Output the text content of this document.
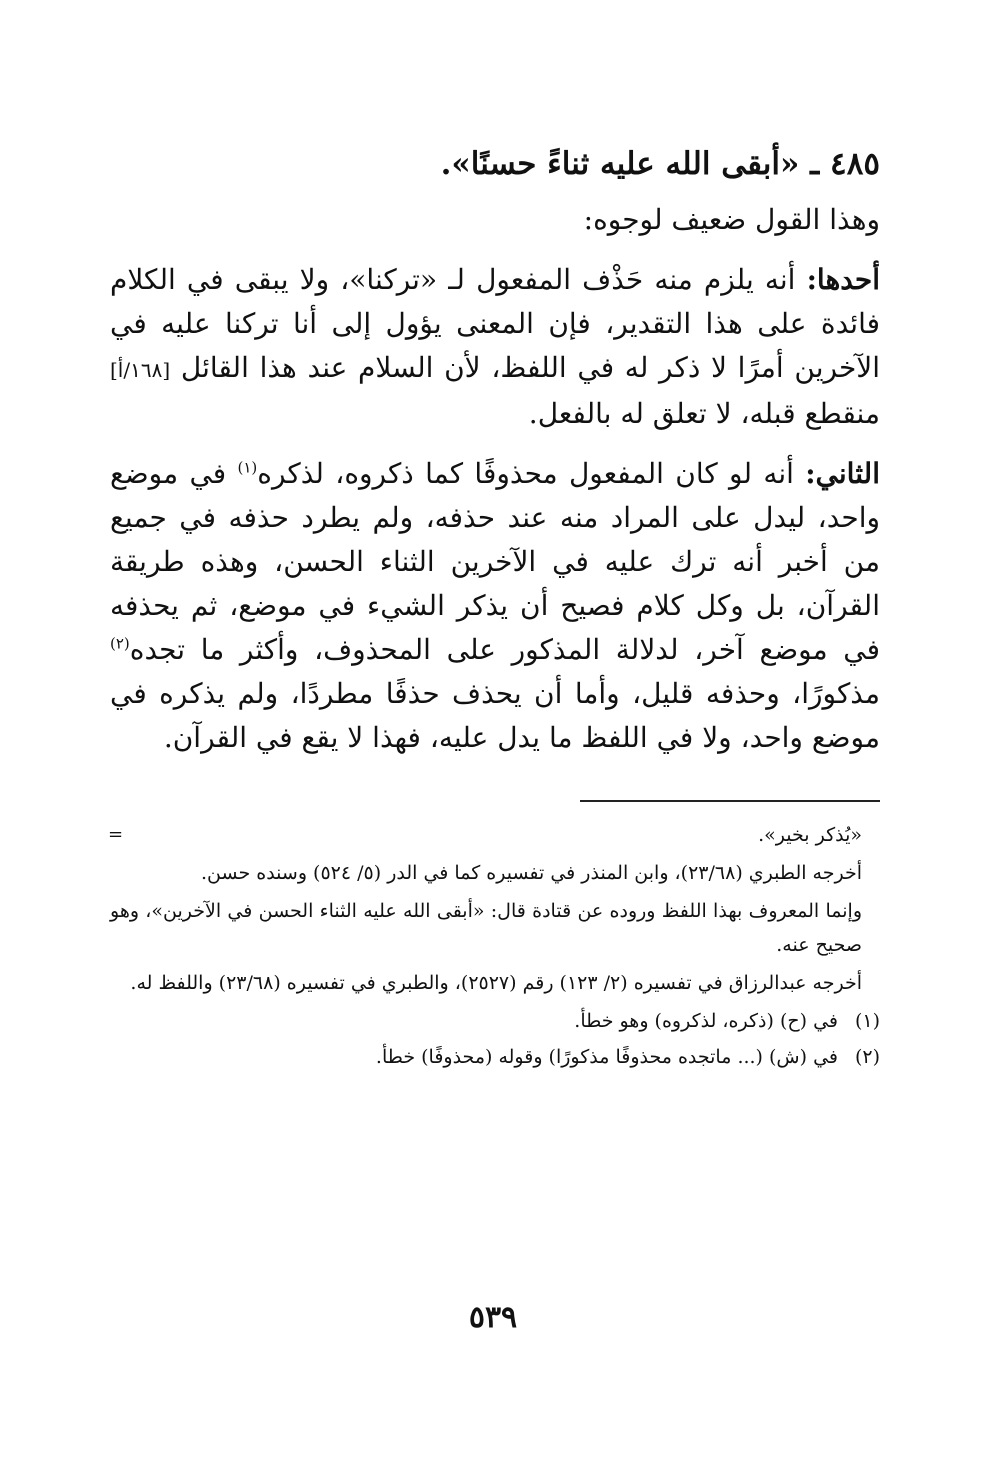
٤٨٥ ـ «أبقى الله عليه ثناءً حسنًا».

وهذا القول ضعيف لوجوه:

أحدها: أنه يلزم منه حَذْف المفعول لـ «تركنا»، ولا يبقى في الكلام فائدة على هذا التقدير، فإن المعنى يؤول إلى أنا تركنا عليه في الآخرين أمرًا لا ذكر له في اللفظ، لأن السلام عند هذا القائل [١٦٨/أ] منقطع قبله، لا تعلق له بالفعل.

الثاني: أنه لو كان المفعول محذوفًا كما ذكروه، لذكره$^{(١)}$ في موضع واحد، ليدل على المراد منه عند حذفه، ولم يطرد حذفه في جميع من أخبر أنه ترك عليه في الآخرين الثناء الحسن، وهذه طريقة القرآن، بل وكل كلام فصيح أن يذكر الشيء في موضع، ثم يحذفه في موضع آخر، لدلالة المذكور على المحذوف، وأكثر ما تجده$^{(٢)}$ مذكورًا، وحذفه قليل، وأما أن يحذف حذفًا مطردًا، ولم يذكره في موضع واحد، ولا في اللفظ ما يدل عليه، فهذا لا يقع في القرآن.

=	«يُذكر بخير».

أخرجه الطبري (٢٣/٦٨)، وابن المنذر في تفسيره كما في الدر (٥/ ٥٢٤) وسنده حسن.

وإنما المعروف بهذا اللفظ وروده عن قتادة قال: «أبقى الله عليه الثناء الحسن في الآخرين»، وهو صحيح عنه.

أخرجه عبدالرزاق في تفسيره (٢/ ١٢٣) رقم (٢٥٢٧)، والطبري في تفسيره (٢٣/٦٨) واللفظ له.

(١)
في (ح) (ذكره، لذكروه) وهو خطأ.
(٢)
في (ش) (... ماتجده محذوفًا مذكورًا) وقوله (محذوفًا) خطأ.
٥٣٩
